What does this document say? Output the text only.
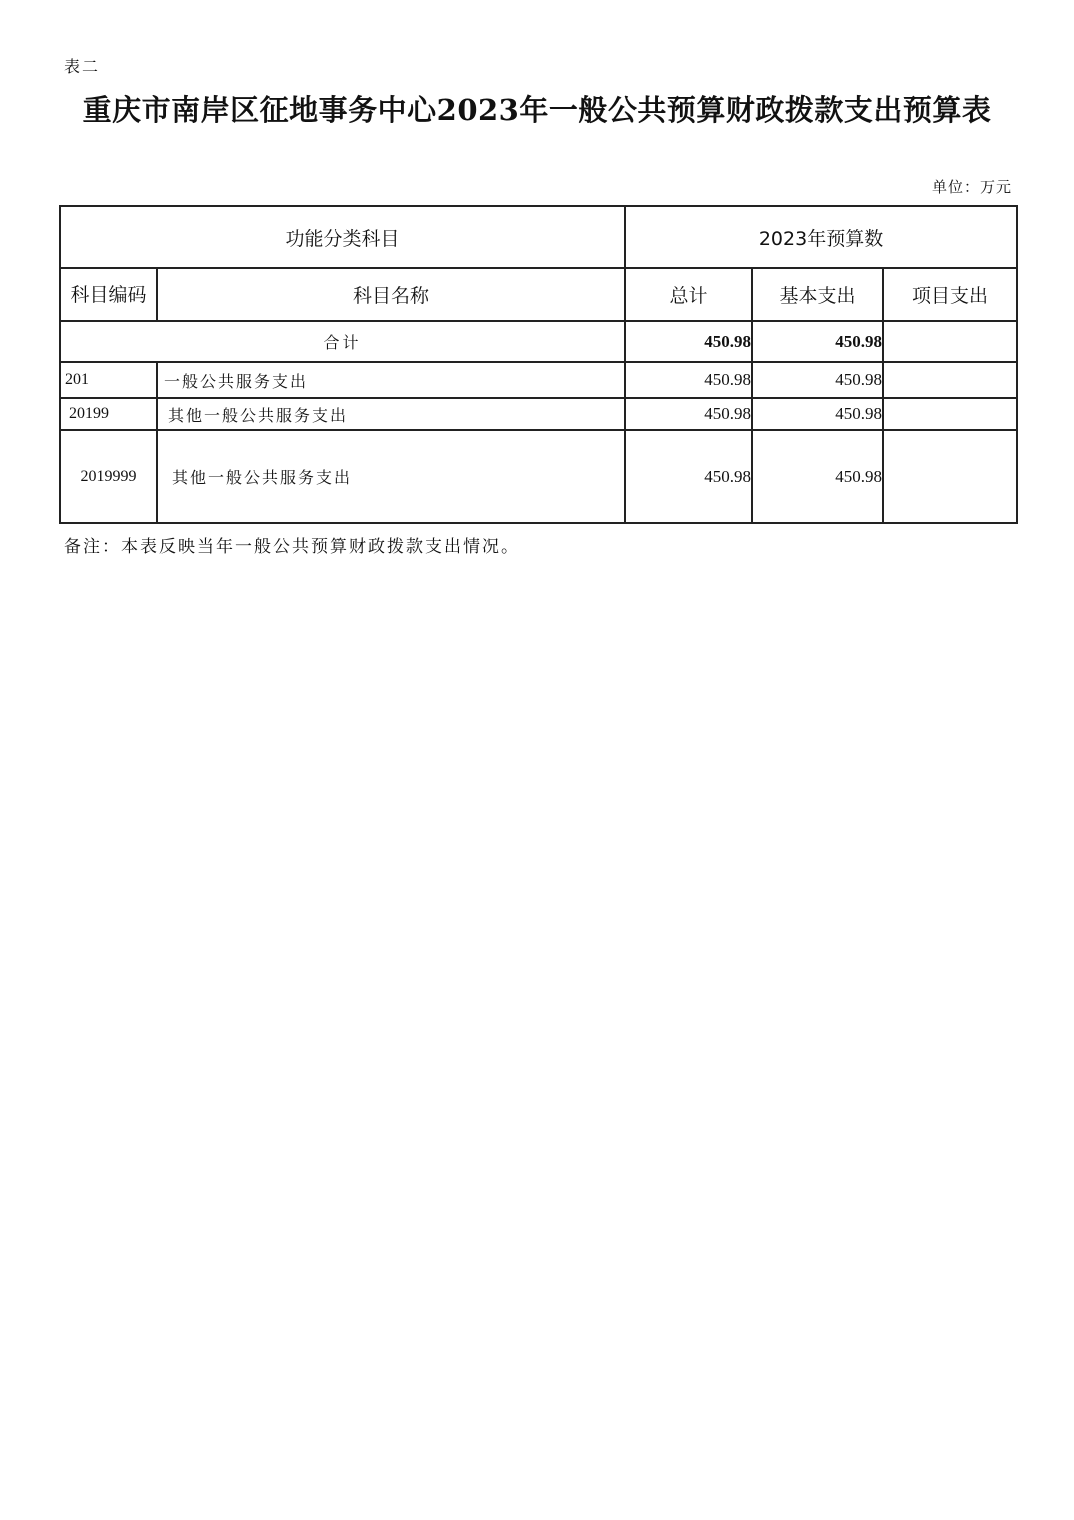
表二
重庆市南岸区征地事务中心2023年一般公共预算财政拨款支出预算表
单位：万元
功能分类科目		2023年预算数		
科目编码	科目名称	总计	基本支出	项目支出
合计		450.98	450.98	
201	一般公共服务支出	450.98	450.98	
20199	其他一般公共服务支出	450.98	450.98	
2019999	其他一般公共服务支出	450.98	450.98	
备注：本表反映当年一般公共预算财政拨款支出情况。
